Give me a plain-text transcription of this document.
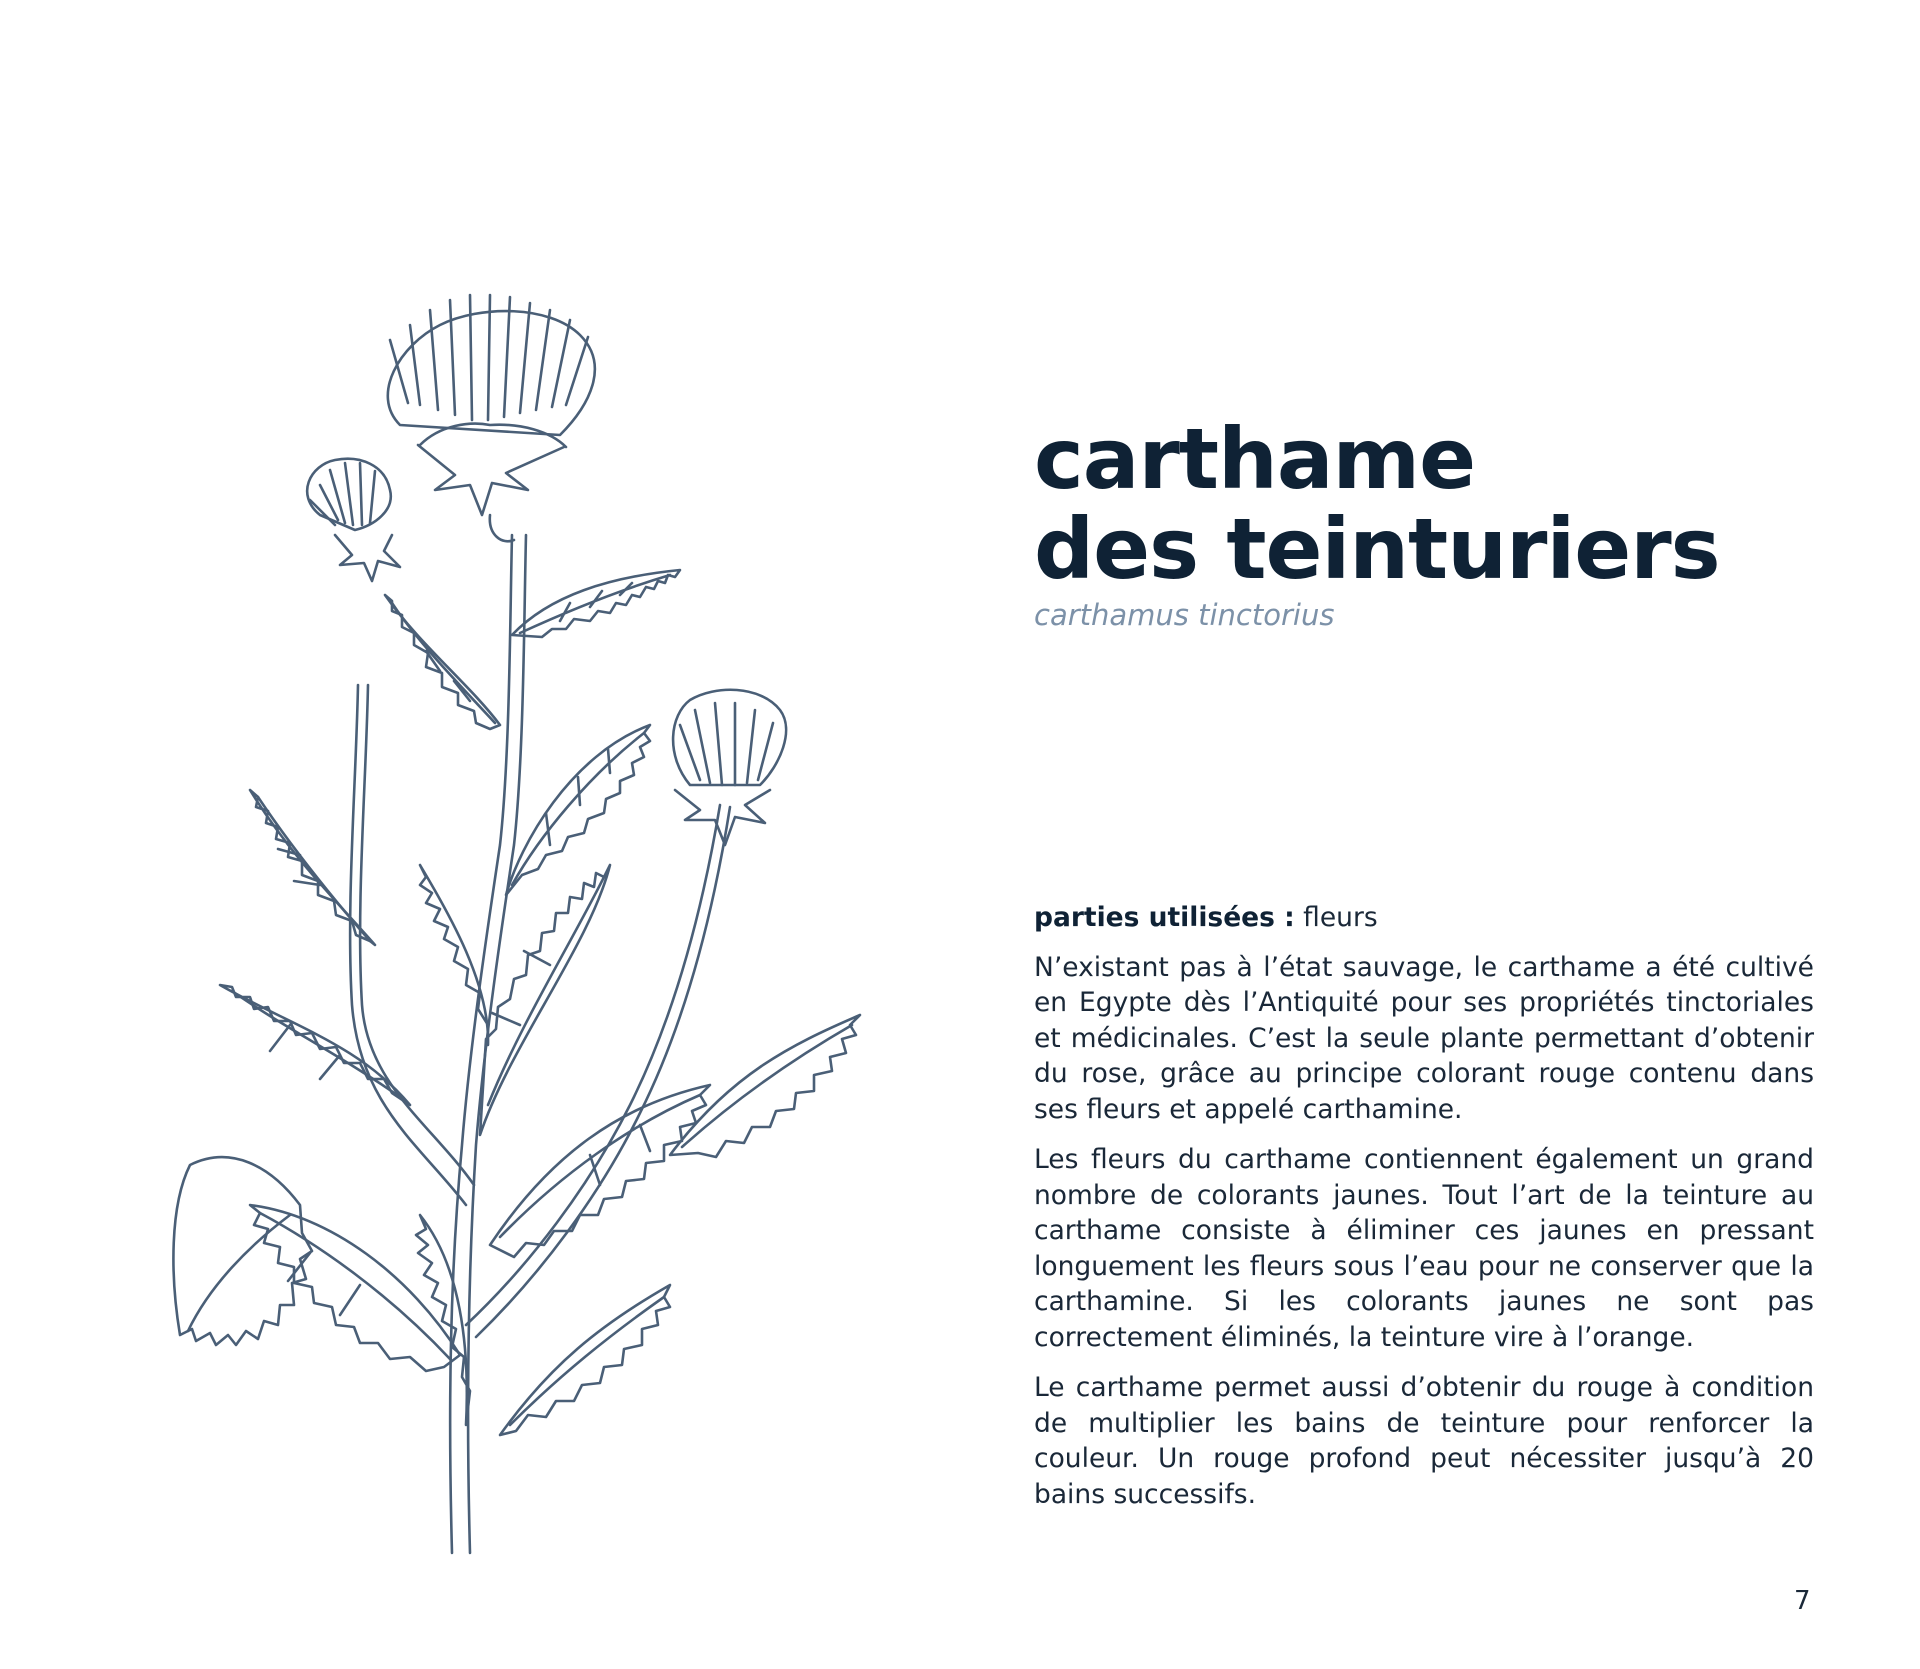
carthame
des teinturiers

carthamus tinctorius

parties utilisées : fleurs

N’existant pas à l’état sauvage, le carthame a été cultivé en Egypte dès l’Antiquité pour ses propriétés tinctoriales et médicinales. C’est la seule plante permettant d’obtenir du rose, grâce au principe colorant rouge contenu dans ses fleurs et appelé carthamine.

Les fleurs du carthame contiennent également un grand nombre de colorants jaunes. Tout l’art de la teinture au carthame consiste à éliminer ces jaunes en pressant longuement les fleurs sous l’eau pour ne conserver que la carthamine. Si les colorants jaunes ne sont pas correctement éliminés, la teinture vire à l’orange.

Le carthame permet aussi d’obtenir du rouge à condition de multiplier les bains de teinture pour renforcer la couleur. Un rouge profond peut nécessiter jusqu’à 20 bains successifs.

7
